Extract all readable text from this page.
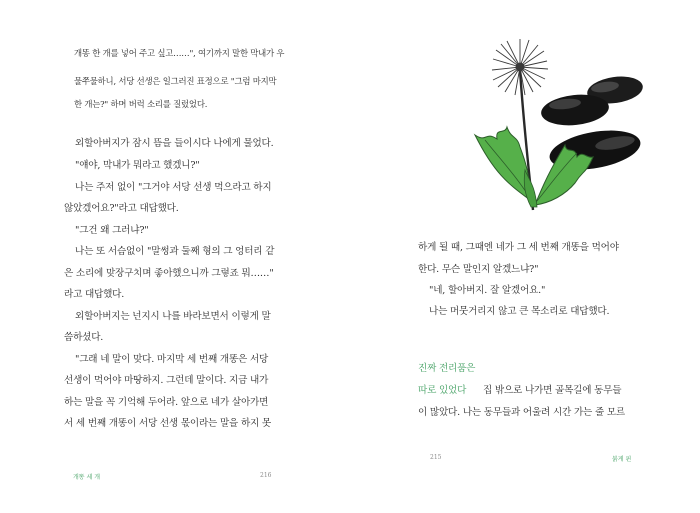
개똥 한 개를 넣어 주고 싶고……", 여기까지 말한 막내가 우
물쭈물하니, 서당 선생은 일그러진 표정으로 "그럼 마지막
한 개는?" 하며 버럭 소리를 질렀었다.
외할아버지가 잠시 뜸을 들이시다 나에게 물었다.
"얘야, 막내가 뭐라고 했겠니?"
나는 주저 없이 "그거야 서당 선생 먹으라고 하지
않았겠어요?"라고 대답했다.
"그건 왜 그러냐?"
나는 또 서슴없이 "말썽과 둘째 형의 그 엉터리 같
은 소리에 맞장구치며 좋아했으니까 그렇죠 뭐……"
라고 대답했다.
외할아버지는 넌지시 나를 바라보면서 이렇게 말
씀하셨다.
"그래 네 말이 맞다. 마지막 세 번째 개똥은 서당
선생이 먹어야 마땅하지. 그런데 말이다. 지금 내가
하는 말을 꼭 기억해 두어라. 앞으로 네가 살아가면
서 세 번째 개똥이 서당 선생 몫이라는 말을 하지 못
개똥 세 개	216
하게 될 때, 그때엔 네가 그 세 번째 개똥을 먹어야
한다. 무슨 말인지 알겠느냐?"
"네, 할아버지. 잘 알겠어요."
나는 머뭇거리지 않고 큰 목소리로 대답했다.
진짜 전리품은
따로 있었다 집 밖으로 나가면 골목길에 동무들
이 많았다. 나는 동무들과 어울려 시간 가는 줄 모르
215	붉게 핀
